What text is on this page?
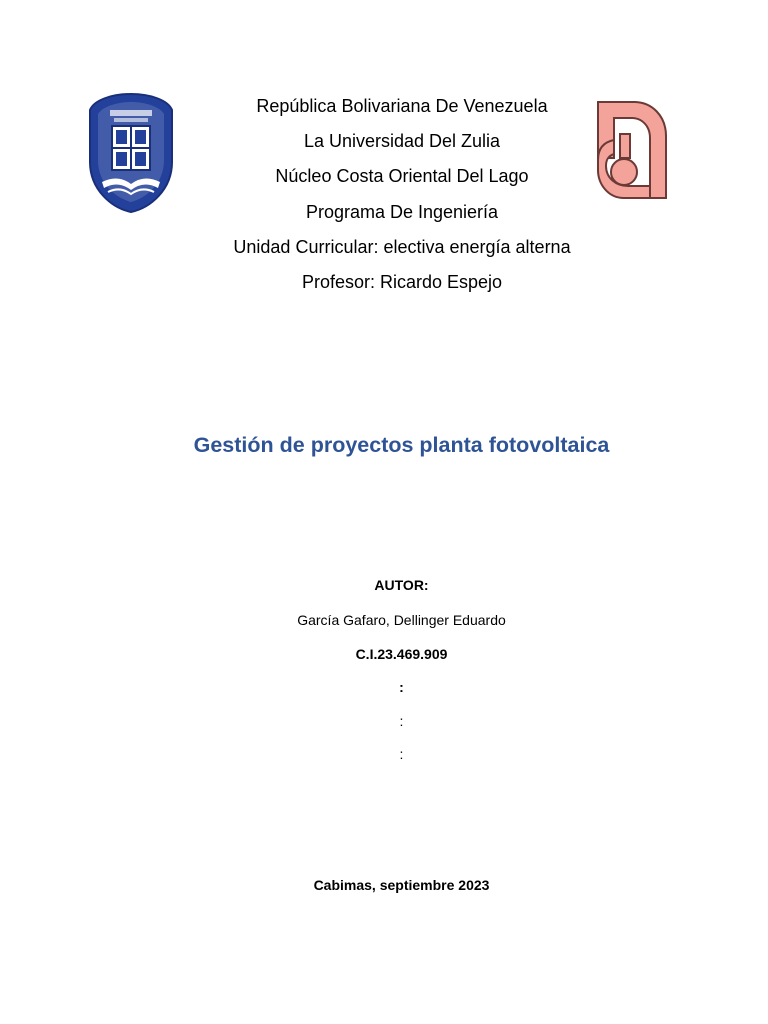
República Bolivariana De Venezuela
La Universidad Del Zulia
Núcleo Costa Oriental Del Lago
Programa De Ingeniería
Unidad Curricular: electiva energía alterna
Profesor: Ricardo Espejo
Gestión de proyectos planta fotovoltaica
AUTOR:
García Gafaro, Dellinger Eduardo
C.I.23.469.909
:
:
:
Cabimas, septiembre 2023
